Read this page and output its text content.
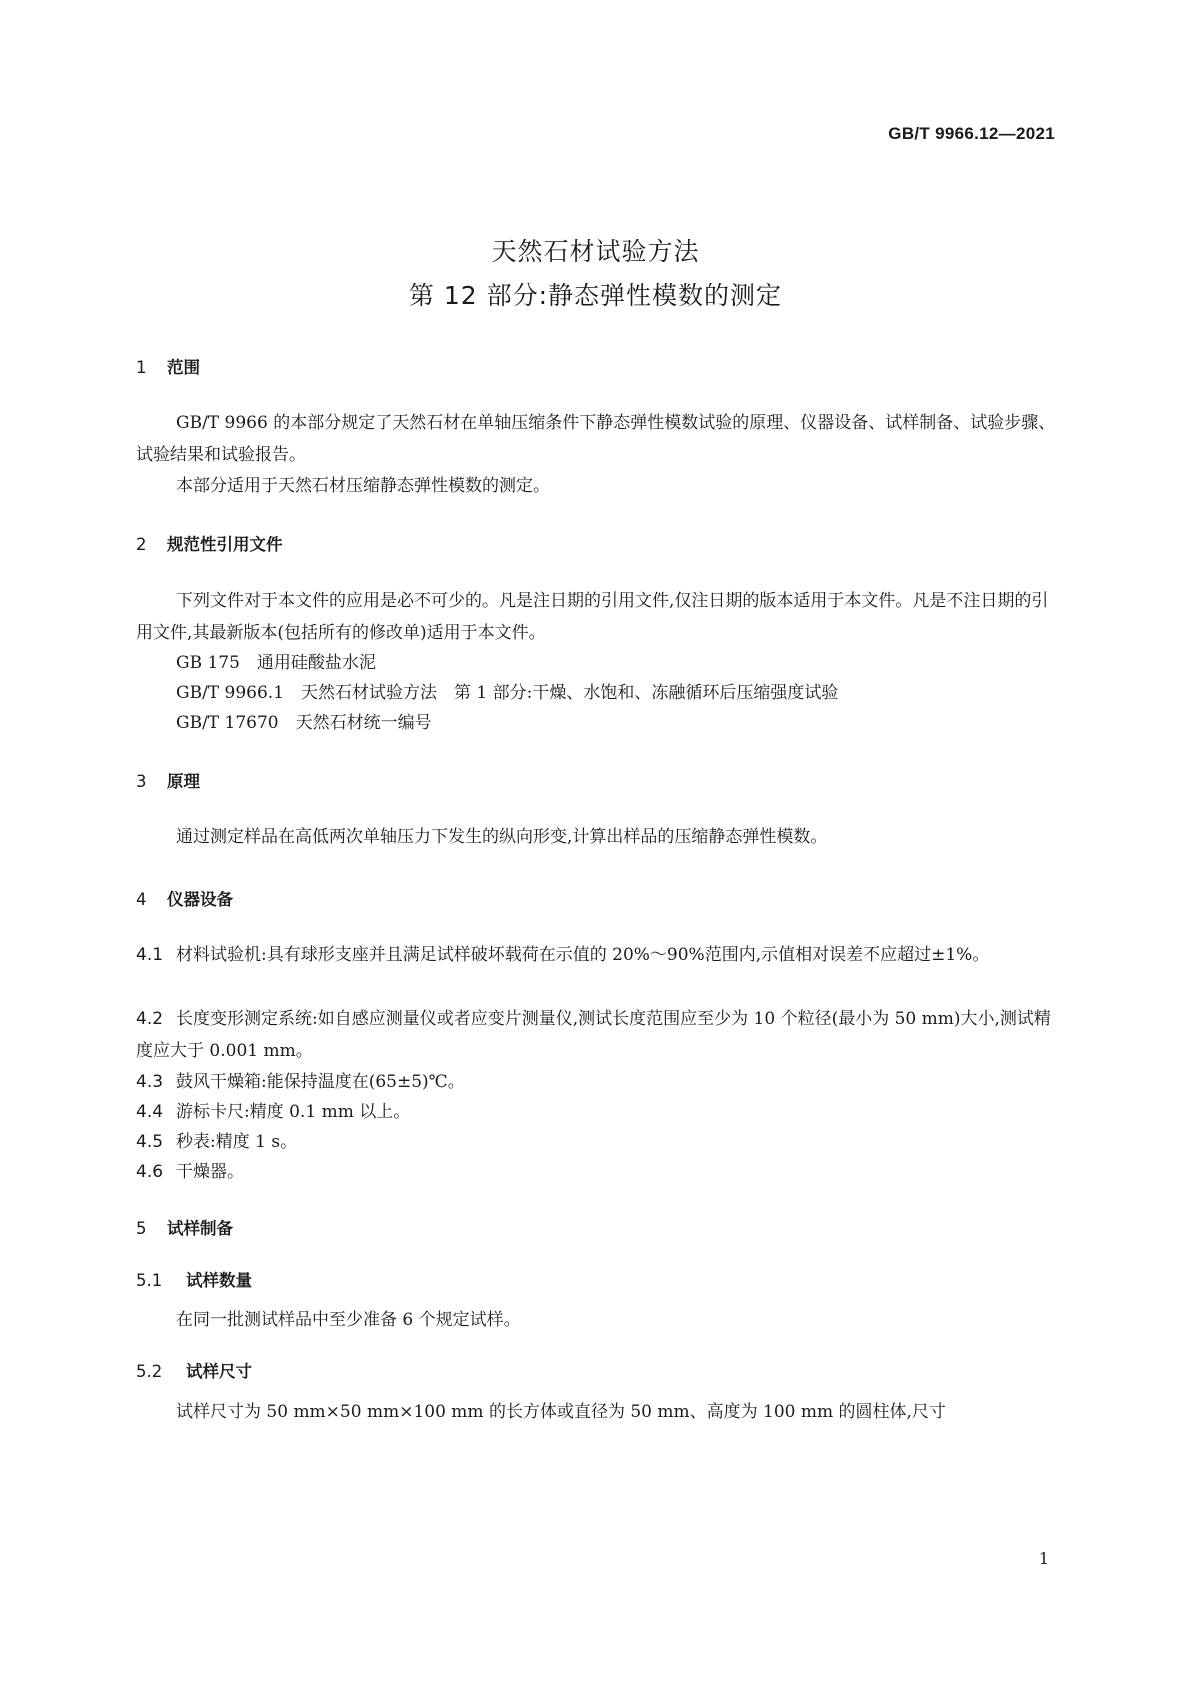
GB/T 9966.12—2021
天然石材试验方法
第 12 部分:静态弹性模数的测定
1 范围
GB/T 9966 的本部分规定了天然石材在单轴压缩条件下静态弹性模数试验的原理、仪器设备、试样制备、试验步骤、试验结果和试验报告。
本部分适用于天然石材压缩静态弹性模数的测定。
2 规范性引用文件
下列文件对于本文件的应用是必不可少的。凡是注日期的引用文件,仅注日期的版本适用于本文件。凡是不注日期的引用文件,其最新版本(包括所有的修改单)适用于本文件。
GB 175　通用硅酸盐水泥
GB/T 9966.1　天然石材试验方法　第 1 部分:干燥、水饱和、冻融循环后压缩强度试验
GB/T 17670　天然石材统一编号
3 原理
通过测定样品在高低两次单轴压力下发生的纵向形变,计算出样品的压缩静态弹性模数。
4 仪器设备
4.1 材料试验机:具有球形支座并且满足试样破坏载荷在示值的 20%～90%范围内,示值相对误差不应超过±1%。
4.2 长度变形测定系统:如自感应测量仪或者应变片测量仪,测试长度范围应至少为 10 个粒径(最小为 50 mm)大小,测试精度应大于 0.001 mm。
4.3 鼓风干燥箱:能保持温度在(65±5)℃。
4.4 游标卡尺:精度 0.1 mm 以上。
4.5 秒表:精度 1 s。
4.6 干燥器。
5 试样制备
5.1 试样数量
在同一批测试样品中至少准备 6 个规定试样。
5.2 试样尺寸
试样尺寸为 50 mm×50 mm×100 mm 的长方体或直径为 50 mm、高度为 100 mm 的圆柱体,尺寸
1
